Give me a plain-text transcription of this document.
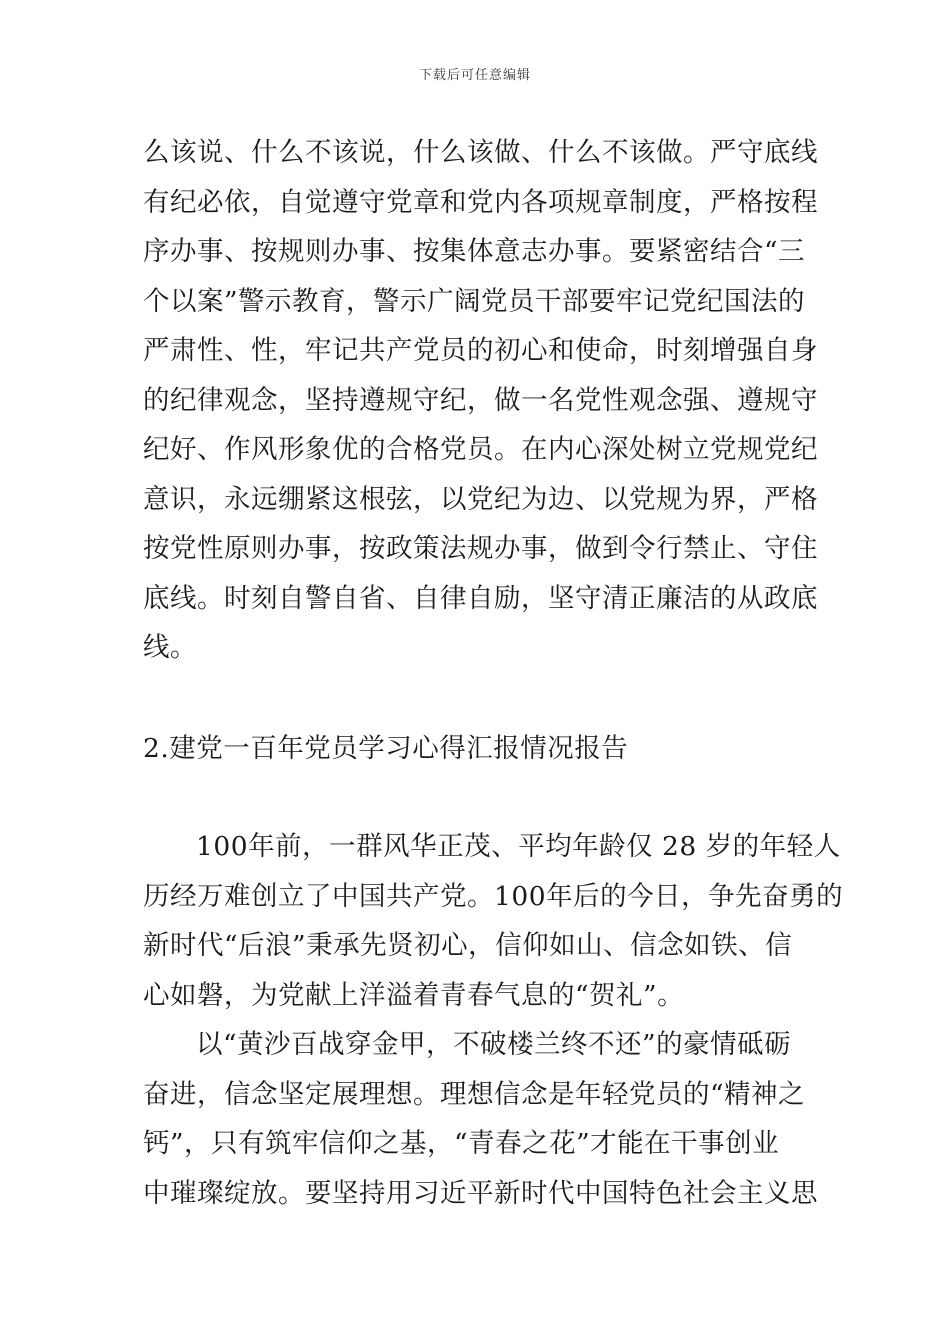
下载后可任意编辑
么该说、什么不该说，什么该做、什么不该做。严守底线
有纪必依，自觉遵守党章和党内各项规章制度，严格按程
序办事、按规则办事、按集体意志办事。要紧密结合“三
个以案”警示教育，警示广阔党员干部要牢记党纪国法的
严肃性、性，牢记共产党员的初心和使命，时刻增强自身
的纪律观念，坚持遵规守纪，做一名党性观念强、遵规守
纪好、作风形象优的合格党员。在内心深处树立党规党纪
意识，永远绷紧这根弦，以党纪为边、以党规为界，严格
按党性原则办事，按政策法规办事，做到令行禁止、守住
底线。时刻自警自省、自律自励，坚守清正廉洁的从政底
线。
2.建党一百年党员学习心得汇报情况报告
100年前，一群风华正茂、平均年龄仅 28 岁的年轻人
历经万难创立了中国共产党。100年后的今日，争先奋勇的
新时代“后浪”秉承先贤初心，信仰如山、信念如铁、信
心如磐，为党献上洋溢着青春气息的“贺礼”。
以“黄沙百战穿金甲，不破楼兰终不还”的豪情砥砺
奋进，信念坚定展理想。理想信念是年轻党员的“精神之
钙”，只有筑牢信仰之基，“青春之花”才能在干事创业
中璀璨绽放。要坚持用习近平新时代中国特色社会主义思
